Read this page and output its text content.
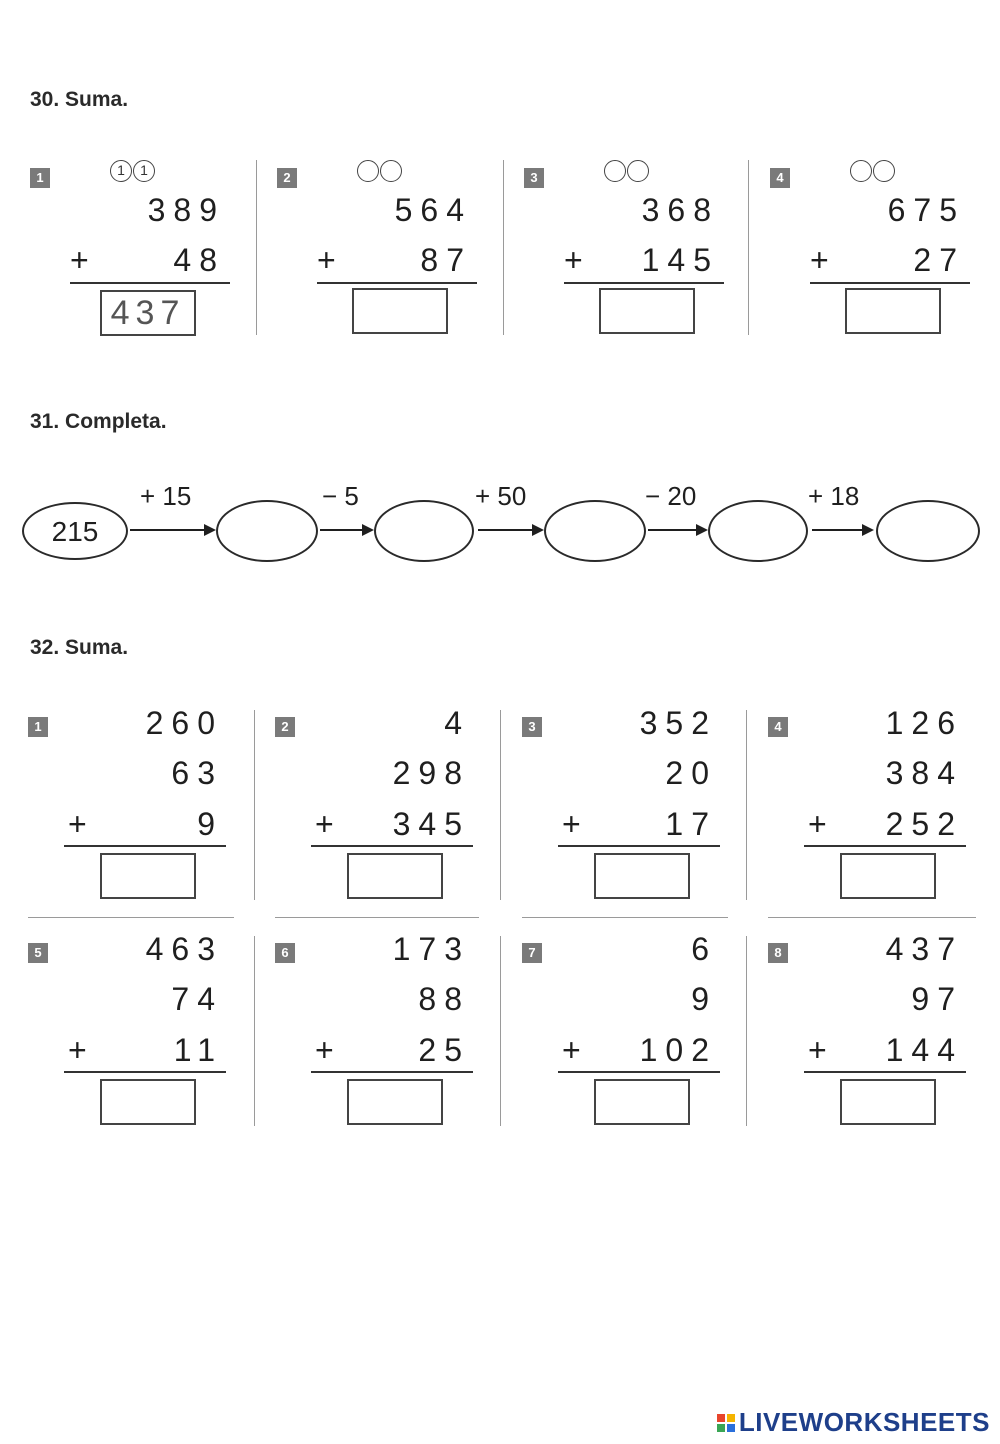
30. Suma.
1	1	1
389
+	48
437
2
564
+	87
3
368
+ 145
4
675
+	27
31. Completa.
215
+ 15	− 5	+ 50	− 20	+ 18
32. Suma.
1	260
63
+	9
2	4
298
+ 345
3	352
20
+	17
4	126
384
+ 252
5	463
74
+	11
6	173
88
+	25
7	6
9
+ 102
8	437
97
+ 144
LIVEWORKSHEETS
